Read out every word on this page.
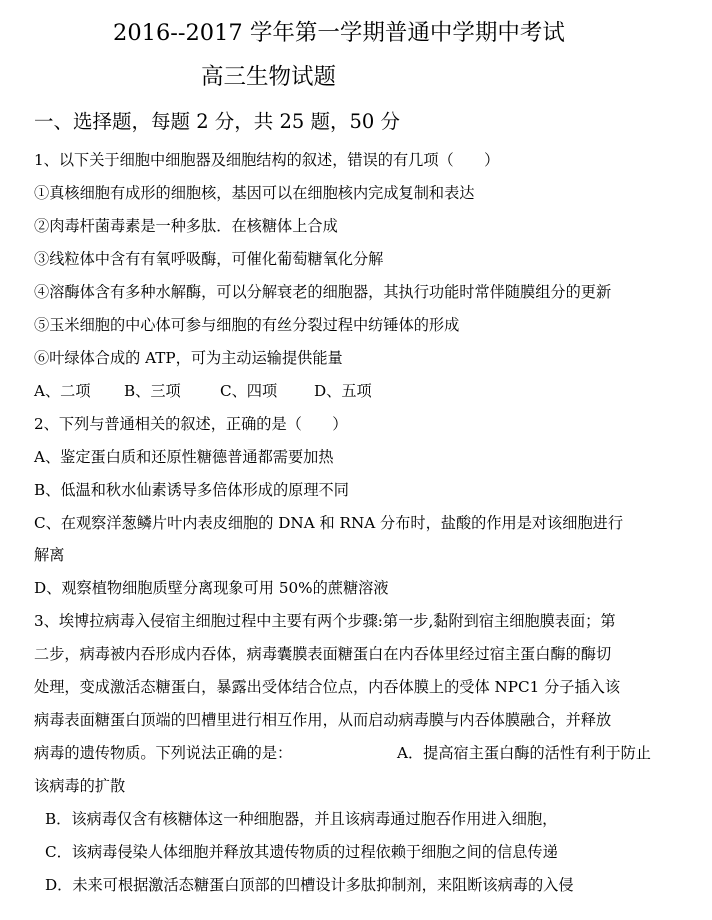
2016--2017 学年第一学期普通中学期中考试
高三生物试题
一、选择题，每题 2 分，共 25 题，50 分
1、以下关于细胞中细胞器及细胞结构的叙述，错误的有几项（　　）
①真核细胞有成形的细胞核，基因可以在细胞核内完成复制和表达
②肉毒杆菌毒素是一种多肽．在核糖体上合成
③线粒体中含有有氧呼吸酶，可催化葡萄糖氧化分解
④溶酶体含有多种水解酶，可以分解衰老的细胞器，其执行功能时常伴随膜组分的更新
⑤玉米细胞的中心体可参与细胞的有丝分裂过程中纺锤体的形成
⑥叶绿体合成的 ATP，可为主动运输提供能量
A、二项 B、三项	C、四项 D、五项
2、下列与普通相关的叙述，正确的是（　　）
A、鉴定蛋白质和还原性糖德普通都需要加热
B、低温和秋水仙素诱导多倍体形成的原理不同
C、在观察洋葱鳞片叶内表皮细胞的 DNA 和 RNA 分布时，盐酸的作用是对该细胞进行
解离
D、观察植物细胞质壁分离现象可用 50%的蔗糖溶液
3、埃博拉病毒入侵宿主细胞过程中主要有两个步骤:第一步,黏附到宿主细胞膜表面；第
二步，病毒被内吞形成内吞体，病毒囊膜表面糖蛋白在内吞体里经过宿主蛋白酶的酶切
处理，变成激活态糖蛋白，暴露出受体结合位点，内吞体膜上的受体 NPC1 分子插入该
病毒表面糖蛋白顶端的凹槽里进行相互作用，从而启动病毒膜与内吞体膜融合，并释放
病毒的遗传物质。下列说法正确的是：	A．提高宿主蛋白酶的活性有利于防止
该病毒的扩散
B．该病毒仅含有核糖体这一种细胞器，并且该病毒通过胞吞作用进入细胞，
C．该病毒侵染人体细胞并释放其遗传物质的过程依赖于细胞之间的信息传递
D．未来可根据激活态糖蛋白顶部的凹槽设计多肽抑制剂，来阻断该病毒的入侵
